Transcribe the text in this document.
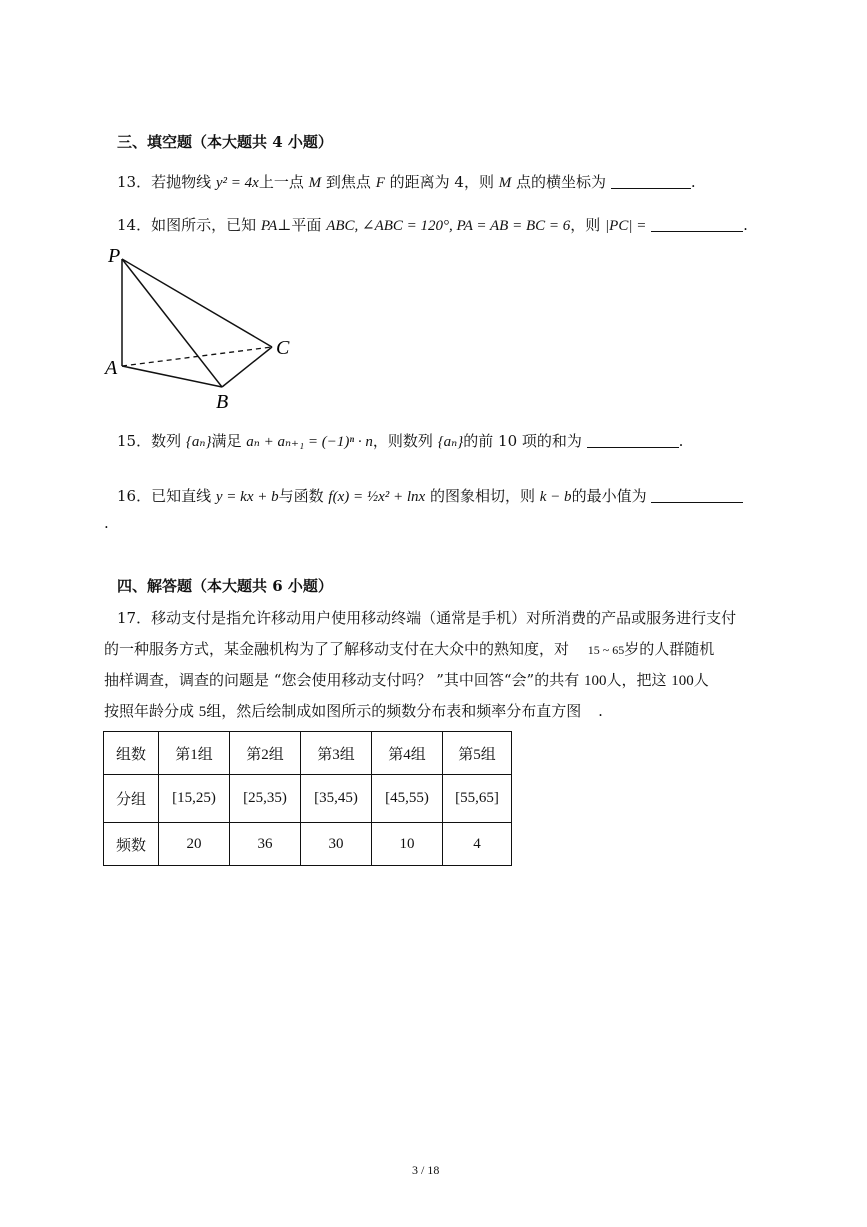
三、填空题（本大题共 4 小题）
13．若抛物线 y² = 4x上一点 M 到焦点 F 的距离为 4，则 M 点的横坐标为	.
14．如图所示，已知 PA⊥平面 ABC, ∠ABC = 120°, PA = AB = BC = 6，则 |PC| =	.
P
A
B
C
15．数列 {aₙ}满足 aₙ + aₙ₊₁ = (−1)ⁿ · n，则数列 {aₙ}的前 10 项的和为	.
16．已知直线 y = kx + b与函数 f(x) = ½x² + lnx 的图象相切，则 k − b的最小值为
.
四、解答题（本大题共 6 小题）
17．移动支付是指允许移动用户使用移动终端（通常是手机）对所消费的产品或服务进行支付
的一种服务方式，某金融机构为了了解移动支付在大众中的熟知度，对 15 ~ 65岁的人群随机
抽样调查，调查的问题是 “您会使用移动支付吗？ ”其中回答“会”的共有 100人，把这 100人
按照年龄分成 5组，然后绘制成如图所示的频数分布表和频率分布直方图 .
组数	第1组	第2组	第3组	第4组	第5组
分组	[15,25)	[25,35)	[35,45)	[45,55)	[55,65]
频数	20	36	30	10	4
3 / 18
